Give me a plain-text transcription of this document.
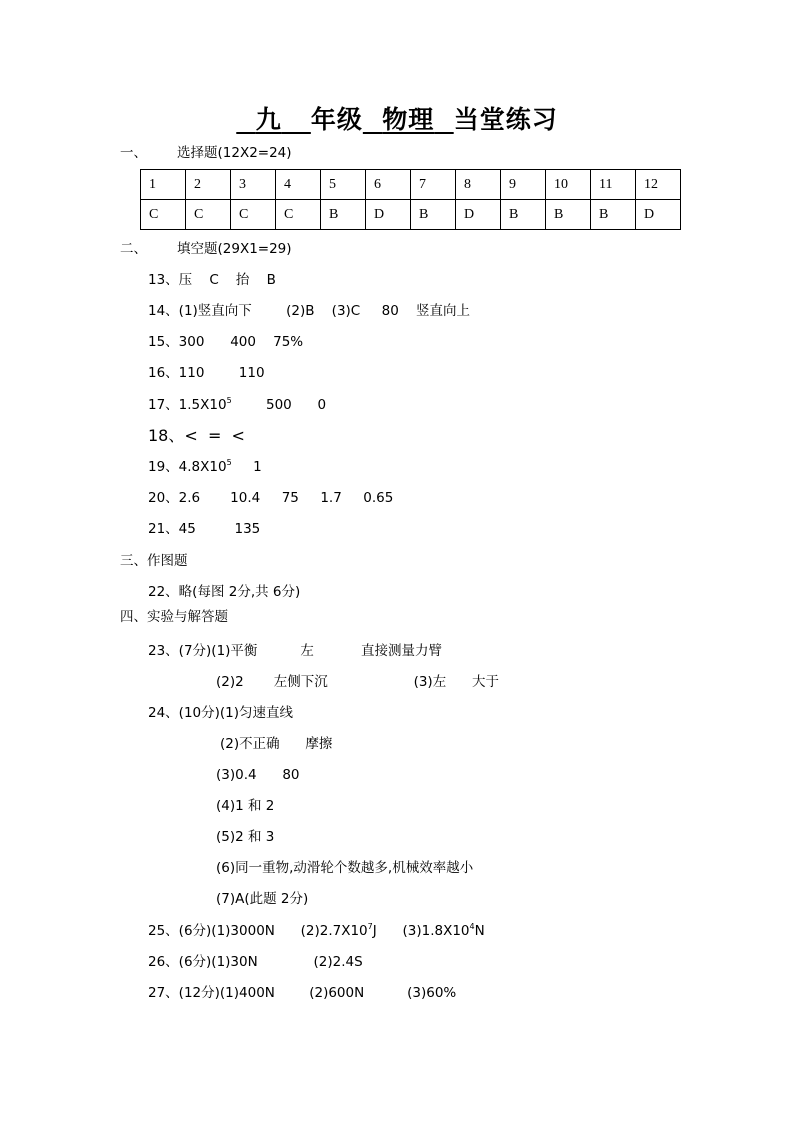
九 年级 物理 当堂练习
一、 选择题(12X2=24)
1	2	3	4	5	6	7	8	9	10	11	12
C	C	C	C	B	D	B	D	B	B	B	D
二、 填空题(29X1=29)
13、压    C    抬    B
14、(1)竖直向下        (2)B    (3)C     80    竖直向上
15、300      400    75%
16、110        110
17、$1.5X10^5$        500      0
18、<  =  <
19、$4.8X10^5$     1
20、2.6       10.4     75     1.7     0.65
21、45         135
三、作图题
22、略(每图 2分,共 6分)
四、实验与解答题
23、(7分)(1)平衡          左           直接测量力臂
(2)2       左侧下沉                    (3)左      大于
24、(10分)(1)匀速直线
(2)不正确      摩擦
(3)0.4      80
(4)1 和 2
(5)2 和 3
(6)同一重物,动滑轮个数越多,机械效率越小
(7)A(此题 2分)
25、(6分)(1)3000N      $(2)2.7X10^7J$      $(3)1.8X10^4N$
26、(6分)(1)30N             (2)2.4S
27、(12分)(1)400N        (2)600N          (3)60%
